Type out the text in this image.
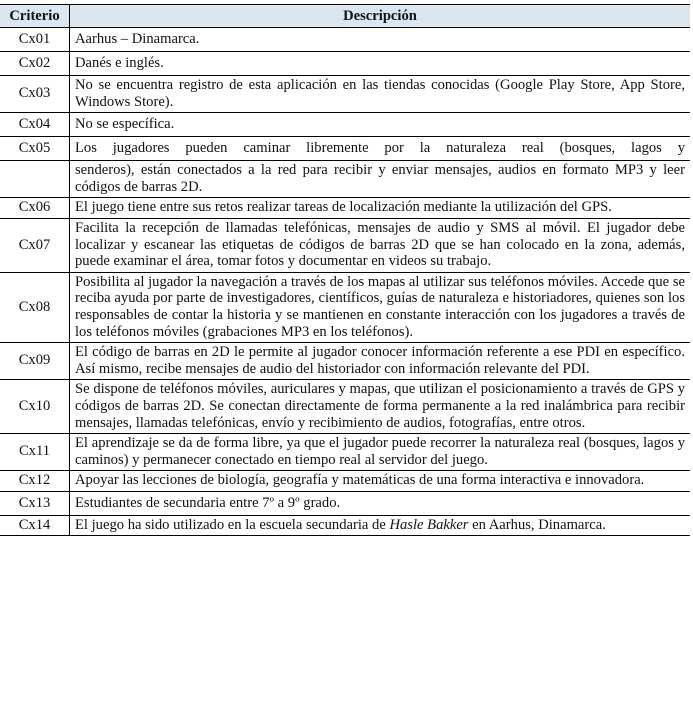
Criterio	Descripción
Cx01	Aarhus – Dinamarca.
Cx02	Danés e inglés.
Cx03	No se encuentra registro de esta aplicación en las tiendas conocidas (Google Play Store, App Store, Windows Store).
Cx04	No se específica.
Cx05	Los jugadores pueden caminar libremente por la naturaleza real (bosques, lagos y
	senderos), están conectados a la red para recibir y enviar mensajes, audios en formato MP3 y leer códigos de barras 2D.
Cx06	El juego tiene entre sus retos realizar tareas de localización mediante la utilización del GPS.
Cx07	Facilita la recepción de llamadas telefónicas, mensajes de audio y SMS al móvil. El jugador debe localizar y escanear las etiquetas de códigos de barras 2D que se han colocado en la zona, además, puede examinar el área, tomar fotos y documentar en videos su trabajo.
Cx08	Posibilita al jugador la navegación a través de los mapas al utilizar sus teléfonos móviles. Accede que se reciba ayuda por parte de investigadores, científicos, guías de naturaleza e historiadores, quienes son los responsables de contar la historia y se mantienen en constante interacción con los jugadores a través de los teléfonos móviles (grabaciones MP3 en los teléfonos).
Cx09	El código de barras en 2D le permite al jugador conocer información referente a ese PDI en específico. Así mismo, recibe mensajes de audio del historiador con información relevante del PDI.
Cx10	Se dispone de teléfonos móviles, auriculares y mapas, que utilizan el posicionamiento a través de GPS y códigos de barras 2D. Se conectan directamente de forma permanente a la red inalámbrica para recibir mensajes, llamadas telefónicas, envío y recibimiento de audios, fotografías, entre otros.
Cx11	El aprendizaje se da de forma libre, ya que el jugador puede recorrer la naturaleza real (bosques, lagos y caminos) y permanecer conectado en tiempo real al servidor del juego.
Cx12	Apoyar las lecciones de biología, geografía y matemáticas de una forma interactiva e innovadora.
Cx13	Estudiantes de secundaria entre 7º a 9º grado.
Cx14	El juego ha sido utilizado en la escuela secundaria de Hasle Bakker en Aarhus, Dinamarca.
